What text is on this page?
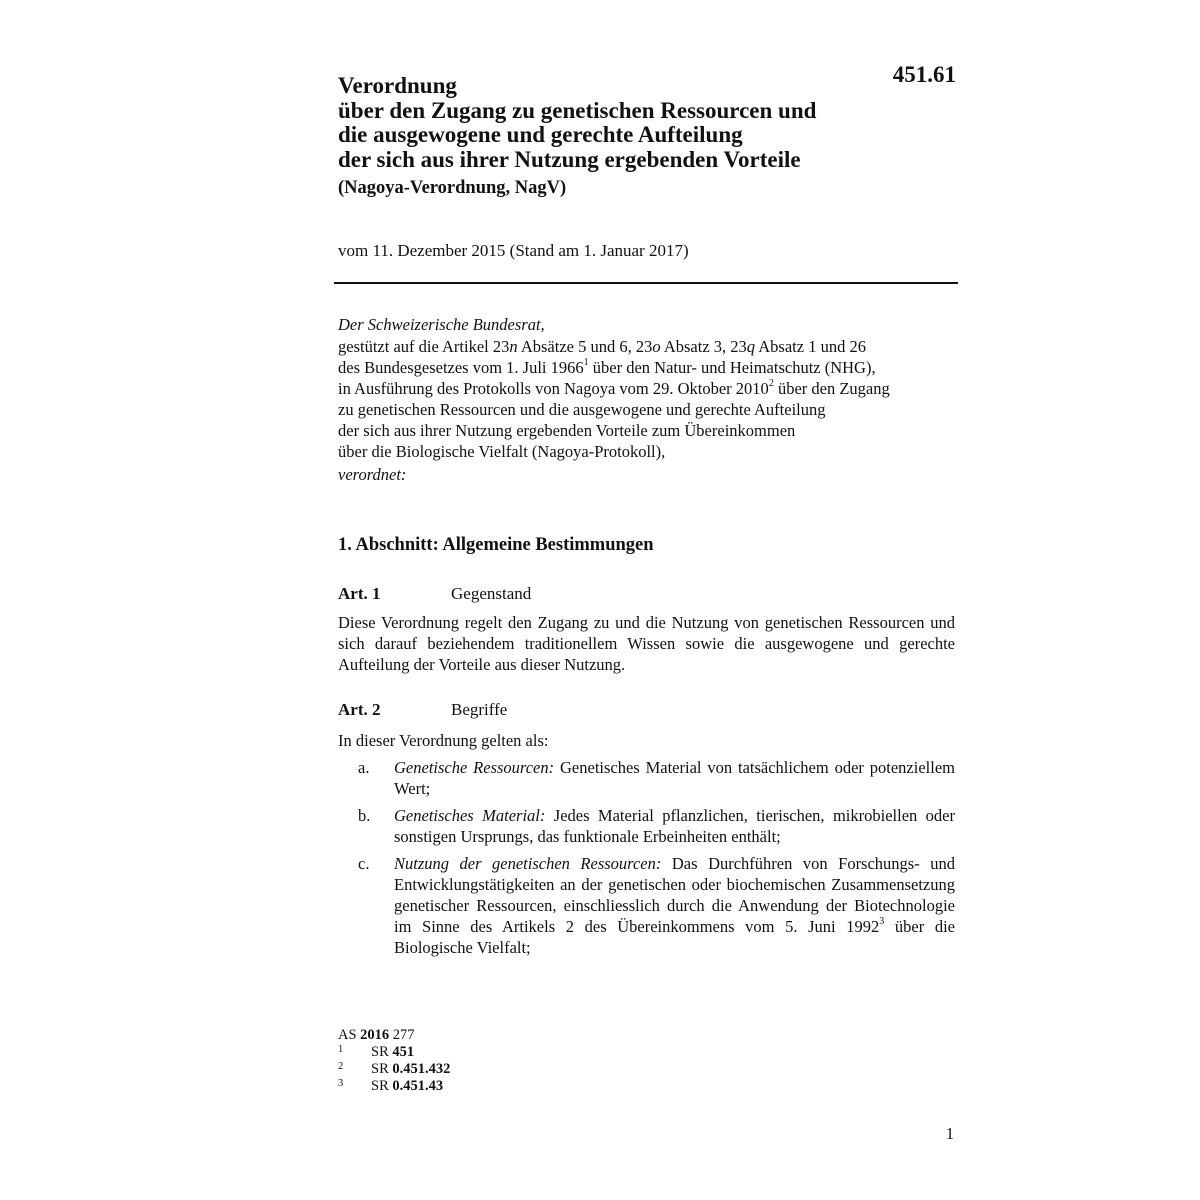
451.61
Verordnung
über den Zugang zu genetischen Ressourcen und
die ausgewogene und gerechte Aufteilung
der sich aus ihrer Nutzung ergebenden Vorteile
(Nagoya-Verordnung, NagV)
vom 11. Dezember 2015 (Stand am 1. Januar 2017)
Der Schweizerische Bundesrat,
gestützt auf die Artikel 23n Absätze 5 und 6, 23o Absatz 3, 23q Absatz 1 und 26
des Bundesgesetzes vom 1. Juli 1966$^1$ über den Natur- und Heimatschutz (NHG),
in Ausführung des Protokolls von Nagoya vom 29. Oktober 2010$^2$ über den Zugang
zu genetischen Ressourcen und die ausgewogene und gerechte Aufteilung
der sich aus ihrer Nutzung ergebenden Vorteile zum Übereinkommen
über die Biologische Vielfalt (Nagoya-Protokoll),
verordnet:
1. Abschnitt: Allgemeine Bestimmungen
Art. 1	Gegenstand
Diese Verordnung regelt den Zugang zu und die Nutzung von genetischen Ressourcen und sich darauf beziehendem traditionellem Wissen sowie die ausgewogene und gerechte Aufteilung der Vorteile aus dieser Nutzung.
Art. 2	Begriffe
In dieser Verordnung gelten als:
a. Genetische Ressourcen: Genetisches Material von tatsächlichem oder potenziellem Wert;
b. Genetisches Material: Jedes Material pflanzlichen, tierischen, mikrobiellen oder sonstigen Ursprungs, das funktionale Erbeinheiten enthält;
c. Nutzung der genetischen Ressourcen: Das Durchführen von Forschungs- und Entwicklungstätigkeiten an der genetischen oder biochemischen Zusammensetzung genetischer Ressourcen, einschliesslich durch die Anwendung der Biotechnologie im Sinne des Artikels 2 des Übereinkommens vom 5. Juni 1992$^3$ über die Biologische Vielfalt;
AS 2016 277
1 SR 451
2 SR 0.451.432
3 SR 0.451.43
1
